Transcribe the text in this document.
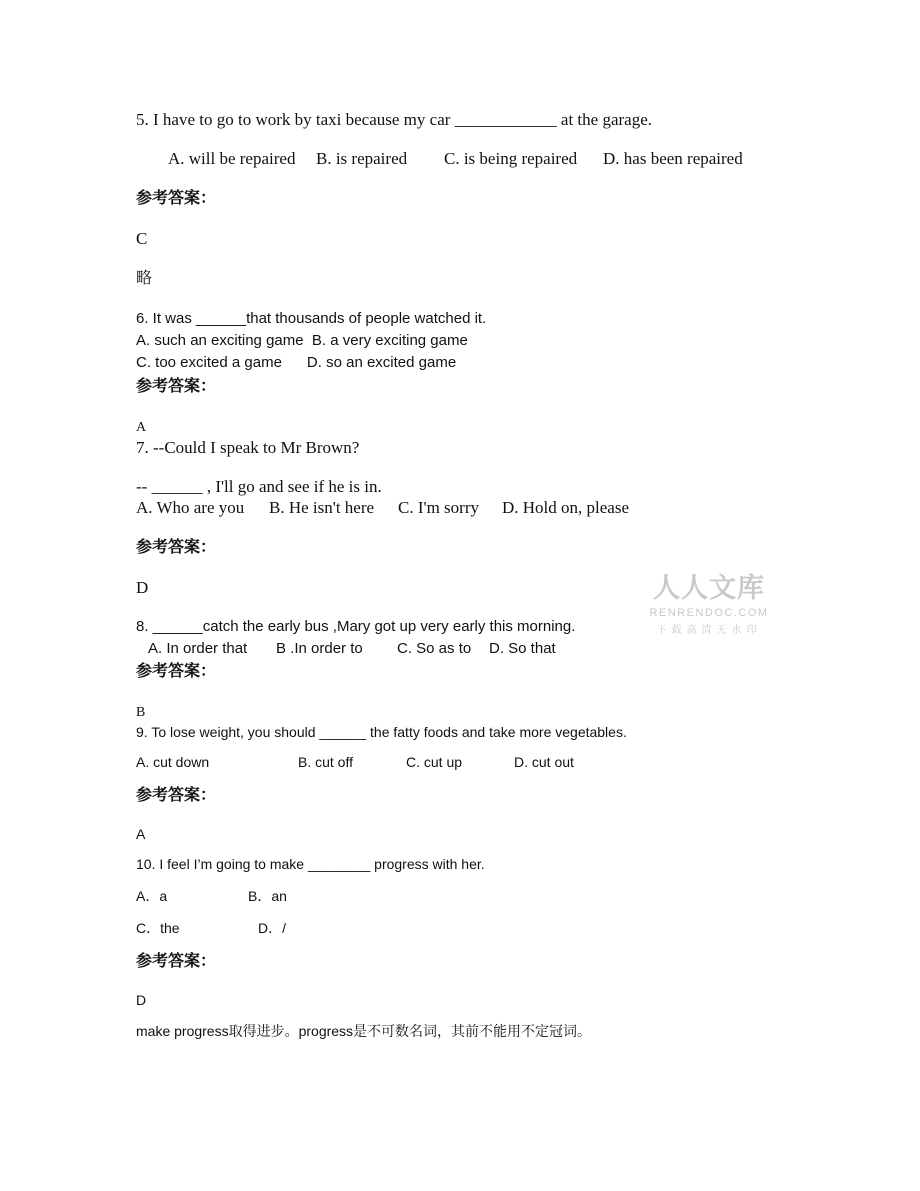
5. I have to go to work by taxi because my car ____________ at the garage.
A. will be repaired B. is repaired C. is being repaired D. has been repaired
参考答案：
C
略
6. It was ______that thousands of people watched it.
A. such an exciting game  B. a very exciting game
C. too excited a game      D. so an excited game
参考答案：
A
7. --Could I speak to Mr Brown?
-- ______ , I'll go and see if he is in.
A. Who are you B. He isn't here C. I'm sorry D. Hold on, please
参考答案：
D
8. ______catch the early bus ,Mary got up very early this morning.
A. In order that B .In order to C. So as to D. So that
参考答案：
B
9. To lose weight, you should ______ the fatty foods and take more vegetables.
A. cut down	B. cut off	C. cut up	D. cut out
参考答案：
A
10. I feel I’m going to make ________ progress with her.
A．a	B．an
C．the	D．/
参考答案：
D
make progress取得进步。progress是不可数名词，其前不能用不定冠词。
人人文库
RENRENDOC.COM
下载高清无水印
